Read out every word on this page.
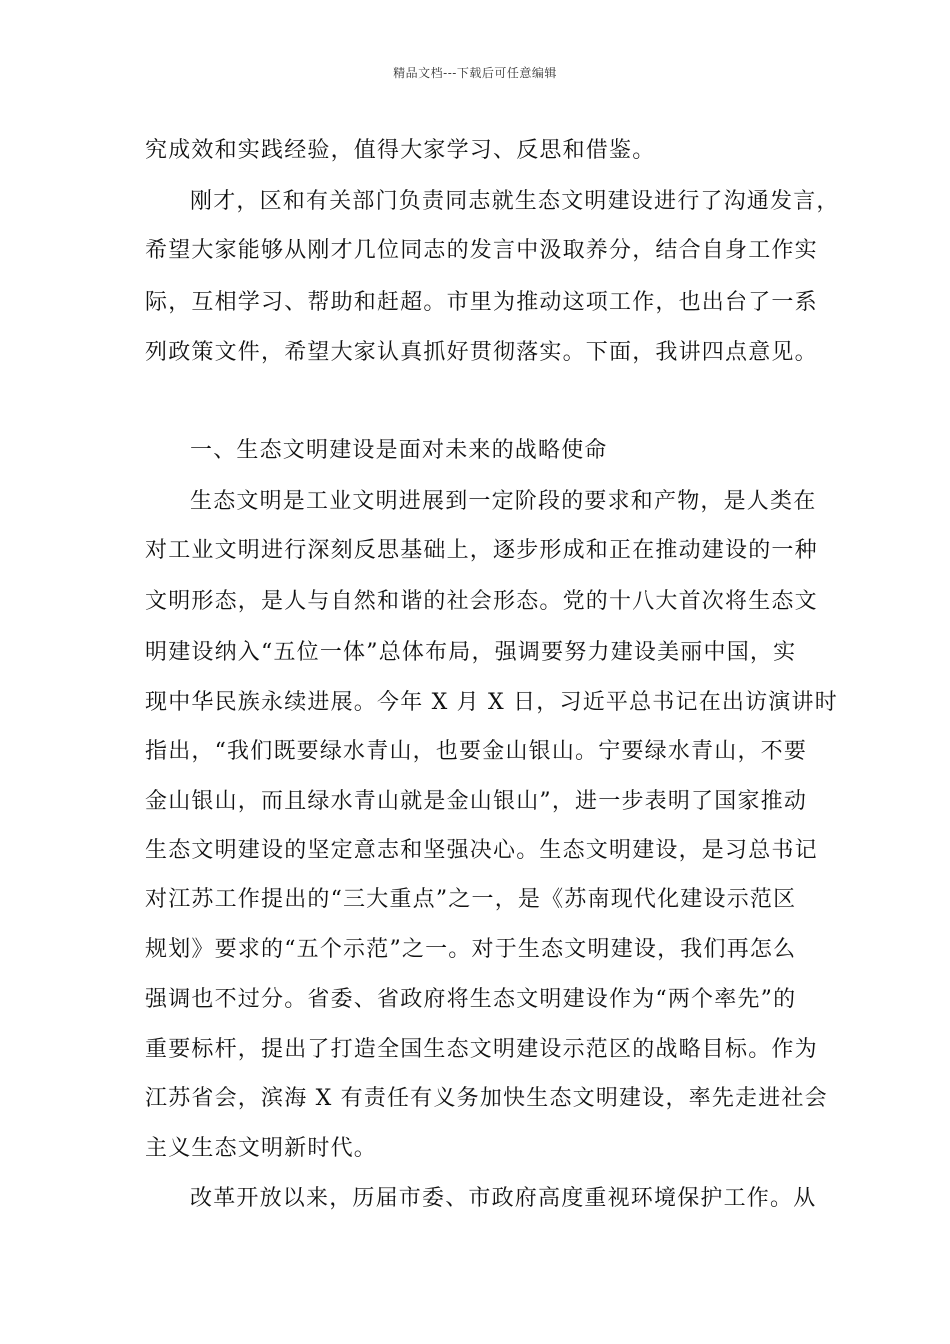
精品文档---下载后可任意编辑
究成效和实践经验，值得大家学习、反思和借鉴。
刚才，区和有关部门负责同志就生态文明建设进行了沟通发言，
希望大家能够从刚才几位同志的发言中汲取养分，结合自身工作实
际，互相学习、帮助和赶超。市里为推动这项工作，也出台了一系
列政策文件，希望大家认真抓好贯彻落实。下面，我讲四点意见。
一、生态文明建设是面对未来的战略使命
生态文明是工业文明进展到一定阶段的要求和产物，是人类在
对工业文明进行深刻反思基础上，逐步形成和正在推动建设的一种
文明形态，是人与自然和谐的社会形态。党的十八大首次将生态文
明建设纳入“五位一体”总体布局，强调要努力建设美丽中国，实
现中华民族永续进展。今年 X 月 X 日，习近平总书记在出访演讲时
指出，“我们既要绿水青山，也要金山银山。宁要绿水青山，不要
金山银山，而且绿水青山就是金山银山”，进一步表明了国家推动
生态文明建设的坚定意志和坚强决心。生态文明建设，是习总书记
对江苏工作提出的“三大重点”之一，是《苏南现代化建设示范区
规划》要求的“五个示范”之一。对于生态文明建设，我们再怎么
强调也不过分。省委、省政府将生态文明建设作为“两个率先”的
重要标杆，提出了打造全国生态文明建设示范区的战略目标。作为
江苏省会，滨海 X 有责任有义务加快生态文明建设，率先走进社会
主义生态文明新时代。
改革开放以来，历届市委、市政府高度重视环境保护工作。从
